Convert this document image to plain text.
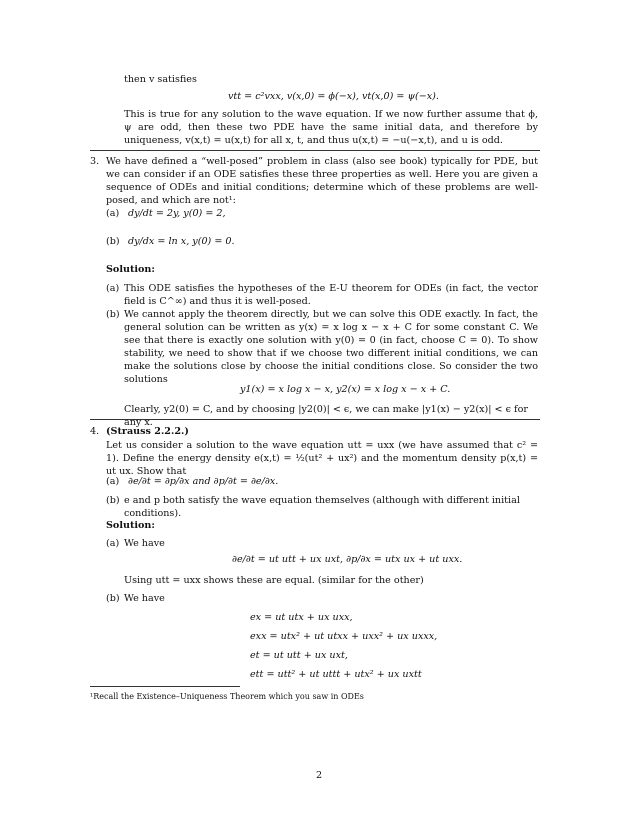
then v satisfies
vtt = c²vxx, v(x,0) = ϕ(−x), vt(x,0) = ψ(−x).
This is true for any solution to the wave equation. If we now further assume that ϕ, ψ are odd, then these two PDE have the same initial data, and therefore by uniqueness, v(x,t) = u(x,t) for all x, t, and thus u(x,t) = −u(−x,t), and u is odd.
3. We have defined a “well-posed” problem in class (also see book) typically for PDE, but we can consider if an ODE satisfies these three properties as well. Here you are given a sequence of ODEs and initial conditions; determine which of these problems are well-posed, and which are not¹:
(a) dy/dt = 2y, y(0) = 2,
(b) dy/dx = ln x, y(0) = 0.
Solution:
(a) This ODE satisfies the hypotheses of the E-U theorem for ODEs (in fact, the vector field is C^∞) and thus it is well-posed.
(b) We cannot apply the theorem directly, but we can solve this ODE exactly. In fact, the general solution can be written as y(x) = x log x − x + C for some constant C. We see that there is exactly one solution with y(0) = 0 (in fact, choose C = 0). To show stability, we need to show that if we choose two different initial conditions, we can make the solutions close by choose the initial conditions close. So consider the two solutions
y1(x) = x log x − x, y2(x) = x log x − x + C.
Clearly, y2(0) = C, and by choosing |y2(0)| < ϵ, we can make |y1(x) − y2(x)| < ϵ for any x.
4. (Strauss 2.2.2.)
Let us consider a solution to the wave equation utt = uxx (we have assumed that c² = 1). Define the energy density e(x,t) = ½(ut² + ux²) and the momentum density p(x,t) = ut ux. Show that
(a) ∂e/∂t = ∂p/∂x and ∂p/∂t = ∂e/∂x.
(b) e and p both satisfy the wave equation themselves (although with different initial conditions).
Solution:
(a) We have
∂e/∂t = ut utt + ux uxt, ∂p/∂x = utx ux + ut uxx.
Using utt = uxx shows these are equal. (similar for the other)
(b) We have
ex = ut utx + ux uxx,
exx = utx² + ut utxx + uxx² + ux uxxx,
et = ut utt + ux uxt,
ett = utt² + ut uttt + utx² + ux uxtt
¹Recall the Existence–Uniqueness Theorem which you saw in ODEs
2
